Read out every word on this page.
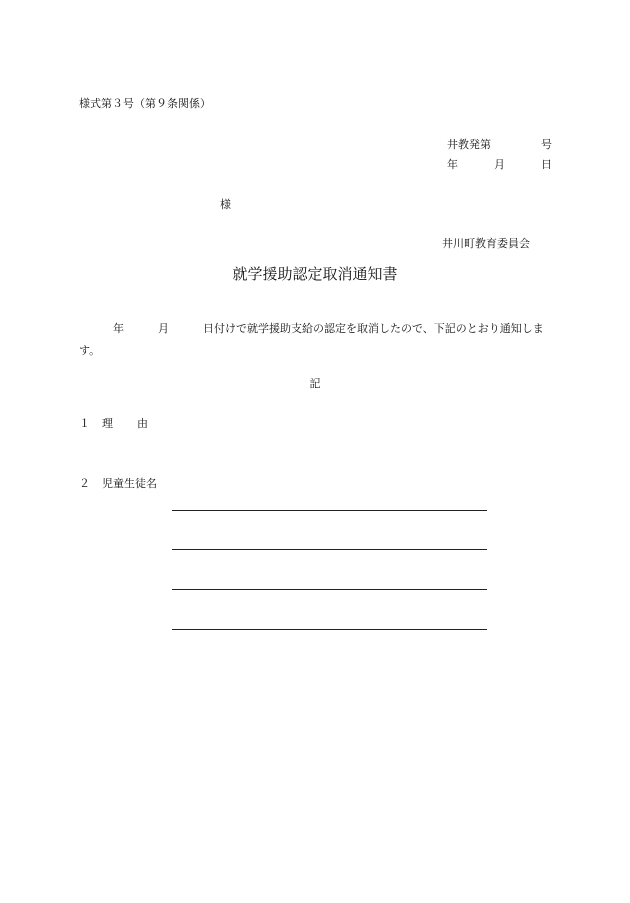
様式第３号（第９条関係）
井教発第	号
年	月	日
様
井川町教育委員会
就学援助認定取消通知書
年	月	日付けで就学援助支給の認定を取消したので、下記のとおり通知します。
記
１ 理 由
２ 児童生徒名
